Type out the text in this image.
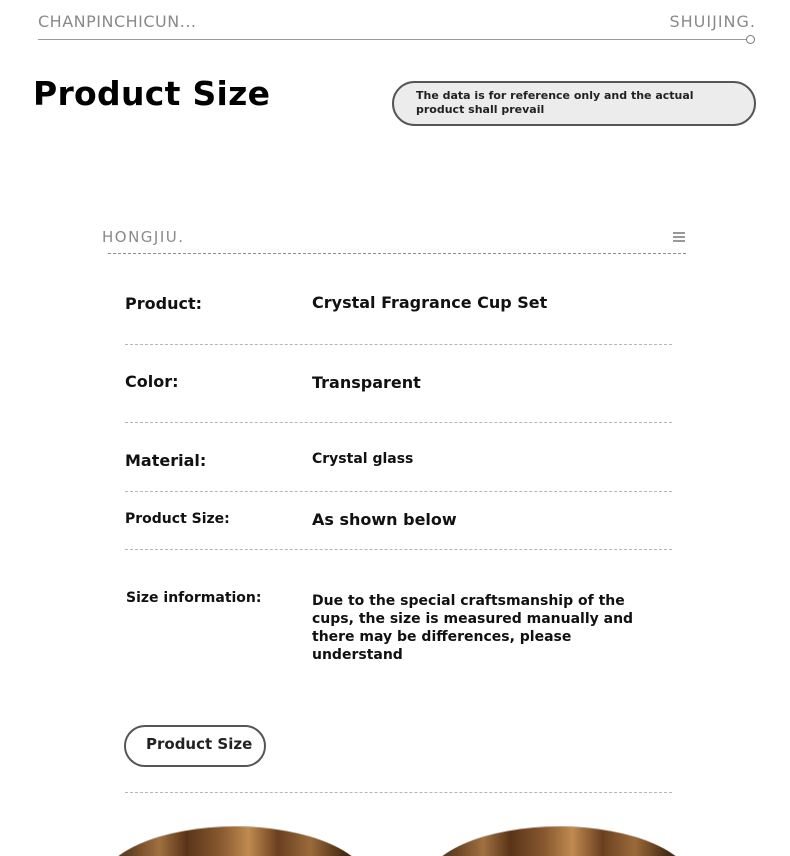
CHANPINCHICUN...	SHUIJING.
Product Size	The data is for reference only and the actual product shall prevail
HONGJIU.
Product:	Crystal Fragrance Cup Set
Color:	Transparent
Material:	Crystal glass
Product Size:	As shown below
Size information:	Due to the special craftsmanship of the cups, the size is measured manually and there may be differences, please understand
Product Size
